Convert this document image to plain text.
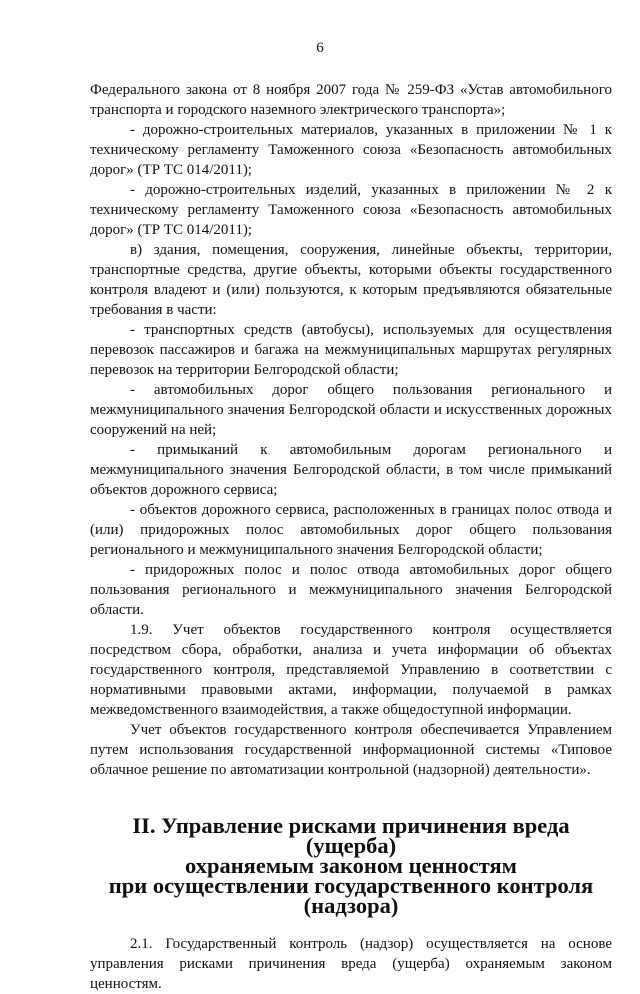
6

Федерального закона от 8 ноября 2007 года № 259-ФЗ «Устав автомобильного транспорта и городского наземного электрического транспорта»;

- дорожно-строительных материалов, указанных в приложении № 1 к техническому регламенту Таможенного союза «Безопасность автомобильных дорог» (ТР ТС 014/2011);

- дорожно-строительных изделий, указанных в приложении № 2 к техническому регламенту Таможенного союза «Безопасность автомобильных дорог» (ТР ТС 014/2011);

в) здания, помещения, сооружения, линейные объекты, территории, транспортные средства, другие объекты, которыми объекты государственного контроля владеют и (или) пользуются, к которым предъявляются обязательные требования в части:

- транспортных средств (автобусы), используемых для осуществления перевозок пассажиров и багажа на межмуниципальных маршрутах регулярных перевозок на территории Белгородской области;

- автомобильных дорог общего пользования регионального и межмуниципального значения Белгородской области и искусственных дорожных сооружений на ней;

- примыканий к автомобильным дорогам регионального и межмуниципального значения Белгородской области, в том числе примыканий объектов дорожного сервиса;

- объектов дорожного сервиса, расположенных в границах полос отвода и (или) придорожных полос автомобильных дорог общего пользования регионального и межмуниципального значения Белгородской области;

- придорожных полос и полос отвода автомобильных дорог общего пользования регионального и межмуниципального значения Белгородской области.

1.9. Учет объектов государственного контроля осуществляется посредством сбора, обработки, анализа и учета информации об объектах государственного контроля, представляемой Управлению в соответствии с нормативными правовыми актами, информации, получаемой в рамках межведомственного взаимодействия, а также общедоступной информации.

Учет объектов государственного контроля обеспечивается Управлением путем использования государственной информационной системы «Типовое облачное решение по автоматизации контрольной (надзорной) деятельности».

II. Управление рисками причинения вреда (ущерба)
охраняемым законом ценностям
при осуществлении государственного контроля (надзора)

2.1. Государственный контроль (надзор) осуществляется на основе управления рисками причинения вреда (ущерба) охраняемым законом ценностям.
